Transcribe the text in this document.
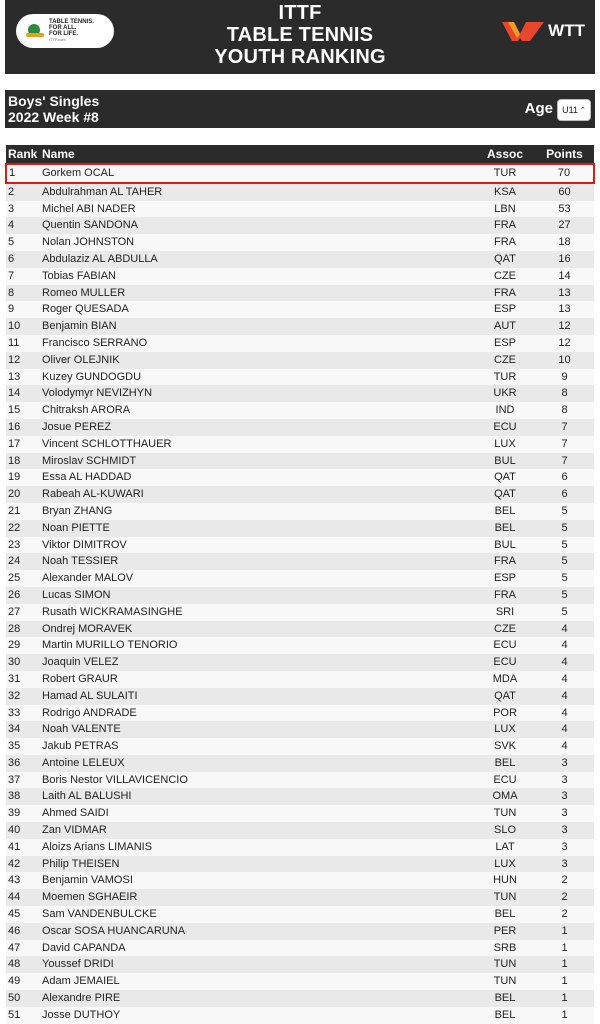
TABLE TENNIS.
FOR ALL.
FOR LIFE.
ITTF.com
ITTF
TABLE TENNIS
YOUTH RANKING
WTT
Boys' Singles
2022 Week #8	Age U11 ⌃
Rank	Name	Assoc	Points
1	Gorkem OCAL	TUR	70
2	Abdulrahman AL TAHER	KSA	60
3	Michel ABI NADER	LBN	53
4	Quentin SANDONA	FRA	27
5	Nolan JOHNSTON	FRA	18
6	Abdulaziz AL ABDULLA	QAT	16
7	Tobias FABIAN	CZE	14
8	Romeo MULLER	FRA	13
9	Roger QUESADA	ESP	13
10	Benjamin BIAN	AUT	12
11	Francisco SERRANO	ESP	12
12	Oliver OLEJNIK	CZE	10
13	Kuzey GUNDOGDU	TUR	9
14	Volodymyr NEVIZHYN	UKR	8
15	Chitraksh ARORA	IND	8
16	Josue PEREZ	ECU	7
17	Vincent SCHLOTTHAUER	LUX	7
18	Miroslav SCHMIDT	BUL	7
19	Essa AL HADDAD	QAT	6
20	Rabeah AL-KUWARI	QAT	6
21	Bryan ZHANG	BEL	5
22	Noan PIETTE	BEL	5
23	Viktor DIMITROV	BUL	5
24	Noah TESSIER	FRA	5
25	Alexander MALOV	ESP	5
26	Lucas SIMON	FRA	5
27	Rusath WICKRAMASINGHE	SRI	5
28	Ondrej MORAVEK	CZE	4
29	Martin MURILLO TENORIO	ECU	4
30	Joaquin VELEZ	ECU	4
31	Robert GRAUR	MDA	4
32	Hamad AL SULAITI	QAT	4
33	Rodrigo ANDRADE	POR	4
34	Noah VALENTE	LUX	4
35	Jakub PETRAS	SVK	4
36	Antoine LELEUX	BEL	3
37	Boris Nestor VILLAVICENCIO	ECU	3
38	Laith AL BALUSHI	OMA	3
39	Ahmed SAIDI	TUN	3
40	Zan VIDMAR	SLO	3
41	Aloizs Arians LIMANIS	LAT	3
42	Philip THEISEN	LUX	3
43	Benjamin VAMOSI	HUN	2
44	Moemen SGHAEIR	TUN	2
45	Sam VANDENBULCKE	BEL	2
46	Oscar SOSA HUANCARUNA	PER	1
47	David CAPANDA	SRB	1
48	Youssef DRIDI	TUN	1
49	Adam JEMAIEL	TUN	1
50	Alexandre PIRE	BEL	1
51	Josse DUTHOY	BEL	1
